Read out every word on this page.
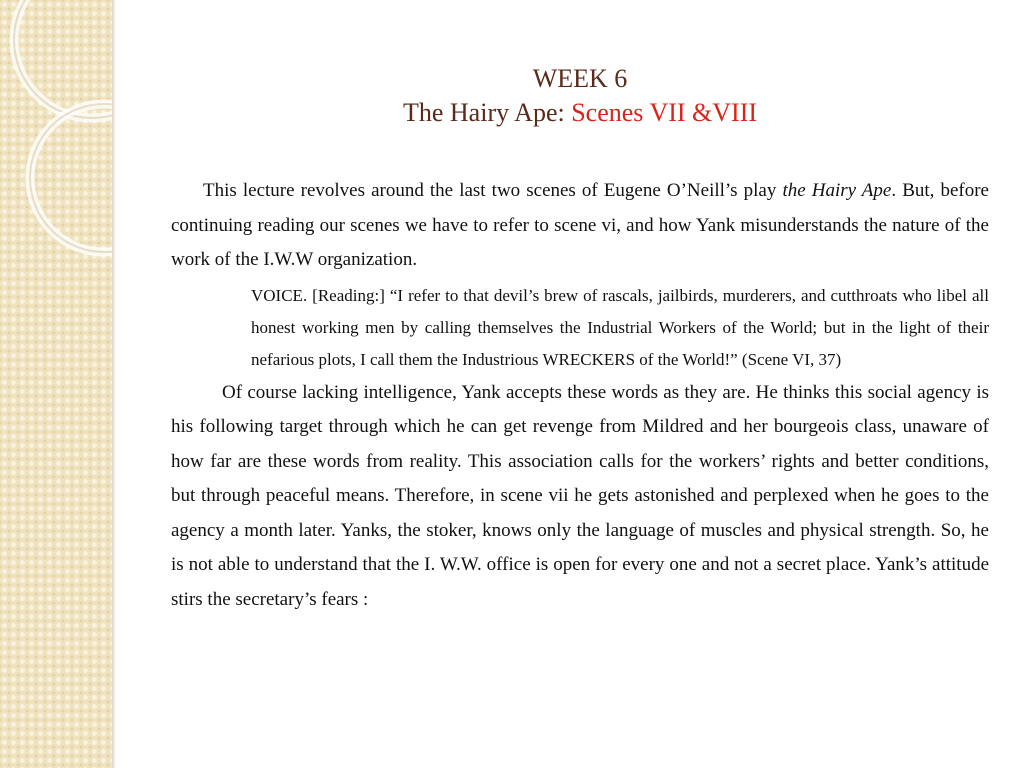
WEEK 6
The Hairy Ape: Scenes VII &VIII

This lecture revolves around the last two scenes of Eugene O’Neill’s play the Hairy Ape. But, before continuing reading our scenes we have to refer to scene vi, and how Yank misunderstands the nature of the work of the I.W.W organization.

VOICE. [Reading:] “I refer to that devil’s brew of rascals, jailbirds, murderers, and cutthroats who libel all honest working men by calling themselves the Industrial Workers of the World; but in the light of their nefarious plots, I call them the Industrious WRECKERS of the World!” (Scene VI, 37)

Of course lacking intelligence, Yank accepts these words as they are. He thinks this social agency is his following target through which he can get revenge from Mildred and her bourgeois class, unaware of how far are these words from reality. This association calls for the workers’ rights and better conditions, but through peaceful means. Therefore, in scene vii he gets astonished and perplexed when he goes to the agency a month later. Yanks, the stoker, knows only the language of muscles and physical strength. So, he is not able to understand that the I. W.W. office is open for every one and not a secret place. Yank’s attitude stirs the secretary’s fears :
